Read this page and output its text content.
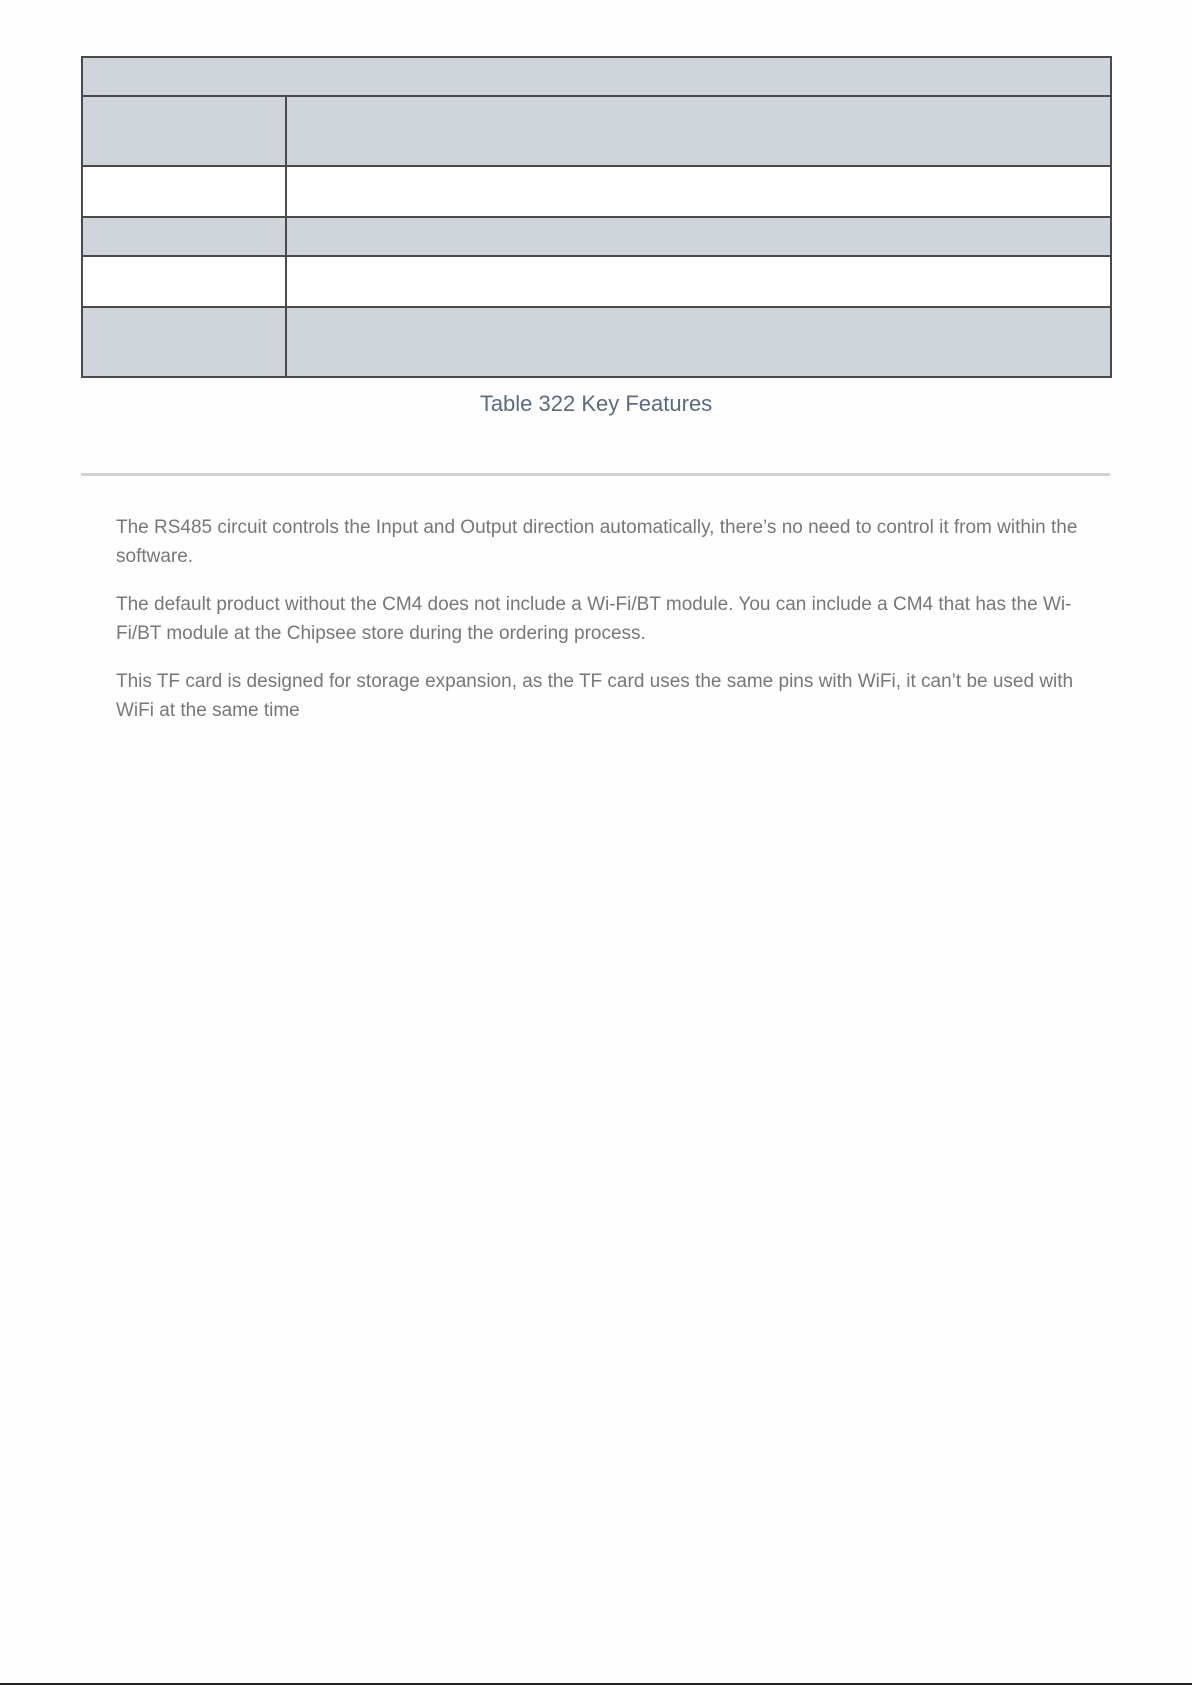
Table 322 Key Features

The RS485 circuit controls the Input and Output direction automatically, there’s no need to control it from within the software.

The default product without the CM4 does not include a Wi-Fi/BT module. You can include a CM4 that has the Wi-Fi/BT module at the Chipsee store during the ordering process.

This TF card is designed for storage expansion, as the TF card uses the same pins with WiFi, it can’t be used with WiFi at the same time
